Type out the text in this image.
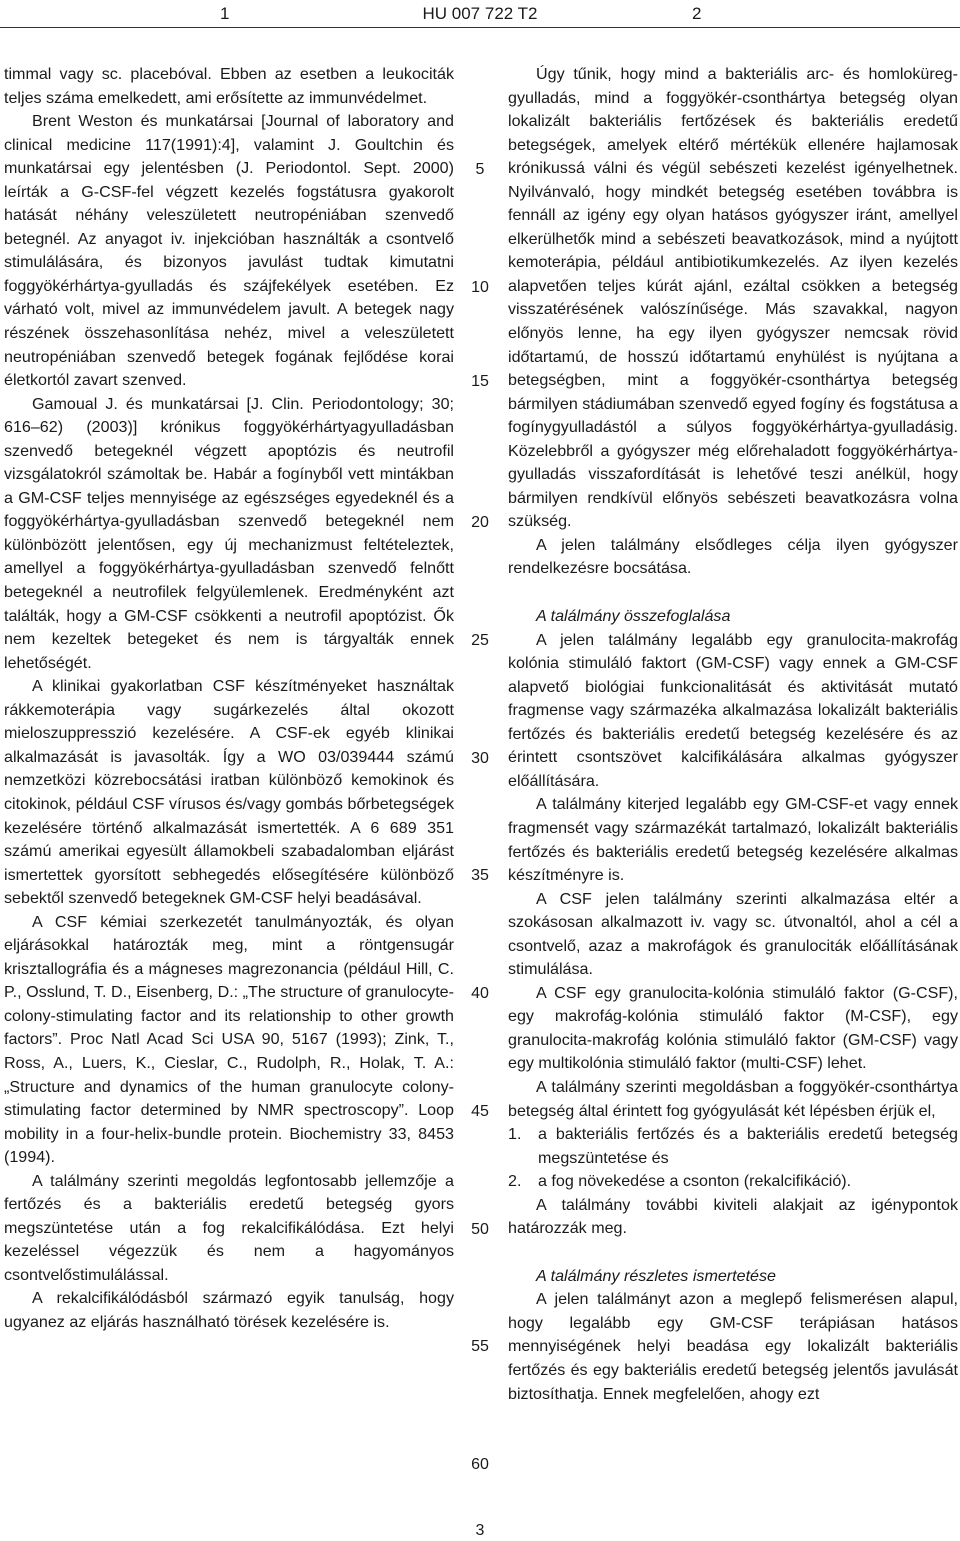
1	HU 007 722 T2	2

timmal vagy sc. placebóval. Ebben az esetben a leukociták teljes száma emelkedett, ami erősítette az immunvédelmet.

Brent Weston és munkatársai [Journal of laboratory and clinical medicine 117(1991):4], valamint J. Goultchin és munkatársai egy jelentésben (J. Periodontol. Sept. 2000) leírták a G-CSF-fel végzett kezelés fogstátusra gyakorolt hatását néhány veleszületett neutropéniában szenvedő betegnél. Az anyagot iv. injekcióban használták a csontvelő stimulálására, és bizonyos javulást tudtak kimutatni foggyökérhártya-gyulladás és szájfekélyek esetében. Ez várható volt, mivel az immunvédelem javult. A betegek nagy részének összehasonlítása nehéz, mivel a veleszületett neutropéniában szenvedő betegek fogának fejlődése korai életkortól zavart szenved.

Gamoual J. és munkatársai [J. Clin. Periodontology; 30; 616–62) (2003)] krónikus foggyökérhártyagyulladásban szenvedő betegeknél végzett apoptózis és neutrofil vizsgálatokról számoltak be. Habár a fogínyből vett mintákban a GM-CSF teljes mennyisége az egészséges egyedeknél és a foggyökérhártya-gyulladásban szenvedő betegeknél nem különbözött jelentősen, egy új mechanizmust feltételeztek, amellyel a foggyökérhártya-gyulladásban szenvedő felnőtt betegeknél a neutrofilek felgyülemlenek. Eredményként azt találták, hogy a GM-CSF csökkenti a neutrofil apoptózist. Ők nem kezeltek betegeket és nem is tárgyalták ennek lehetőségét.

A klinikai gyakorlatban CSF készítményeket használtak rákkemoterápia vagy sugárkezelés által okozott mieloszuppresszió kezelésére. A CSF-ek egyéb klinikai alkalmazását is javasolták. Így a WO 03/039444 számú nemzetközi közrebocsátási iratban különböző kemokinok és citokinok, például CSF vírusos és/vagy gombás bőrbetegségek kezelésére történő alkalmazását ismertették. A 6 689 351 számú amerikai egyesült államokbeli szabadalomban eljárást ismertettek gyorsított sebhegedés elősegítésére különböző sebektől szenvedő betegeknek GM-CSF helyi beadásával.

A CSF kémiai szerkezetét tanulmányozták, és olyan eljárásokkal határozták meg, mint a röntgensugár krisztallográfia és a mágneses magrezonancia (például Hill, C. P., Osslund, T. D., Eisenberg, D.: „The structure of granulocyte-colony-stimulating factor and its relationship to other growth factors”. Proc Natl Acad Sci USA 90, 5167 (1993); Zink, T., Ross, A., Luers, K., Cieslar, C., Rudolph, R., Holak, T. A.: „Structure and dynamics of the human granulocyte colony-stimulating factor determined by NMR spectroscopy”. Loop mobility in a four-helix-bundle protein. Biochemistry 33, 8453 (1994).

A találmány szerinti megoldás legfontosabb jellemzője a fertőzés és a bakteriális eredetű betegség gyors megszüntetése után a fog rekalcifikálódása. Ezt helyi kezeléssel végezzük és nem a hagyományos csontvelőstimulálással.

A rekalcifikálódásból származó egyik tanulság, hogy ugyanez az eljárás használható törések kezelésére is.

5
10
15
20
25
30
35
40
45
50
55
60

Úgy tűnik, hogy mind a bakteriális arc- és homloküreg-gyulladás, mind a foggyökér-csonthártya betegség olyan lokalizált bakteriális fertőzések és bakteriális eredetű betegségek, amelyek eltérő mértékük ellenére hajlamosak krónikussá válni és végül sebészeti kezelést igényelhetnek. Nyilvánvaló, hogy mindkét betegség esetében továbbra is fennáll az igény egy olyan hatásos gyógyszer iránt, amellyel elkerülhetők mind a sebészeti beavatkozások, mind a nyújtott kemoterápia, például antibiotikumkezelés. Az ilyen kezelés alapvetően teljes kúrát ajánl, ezáltal csökken a betegség visszatérésének valószínűsége. Más szavakkal, nagyon előnyös lenne, ha egy ilyen gyógyszer nemcsak rövid időtartamú, de hosszú időtartamú enyhülést is nyújtana a betegségben, mint a foggyökér-csonthártya betegség bármilyen stádiumában szenvedő egyed fogíny és fogstátusa a fogínygyulladástól a súlyos foggyökérhártya-gyulladásig. Közelebbről a gyógyszer még előrehaladott foggyökérhártya-gyulladás visszafordítását is lehetővé teszi anélkül, hogy bármilyen rendkívül előnyös sebészeti beavatkozásra volna szükség.

A jelen találmány elsődleges célja ilyen gyógyszer rendelkezésre bocsátása.

A találmány összefoglalása

A jelen találmány legalább egy granulocita-makrofág kolónia stimuláló faktort (GM-CSF) vagy ennek a GM-CSF alapvető biológiai funkcionalitását és aktivitását mutató fragmense vagy származéka alkalmazása lokalizált bakteriális fertőzés és bakteriális eredetű betegség kezelésére és az érintett csontszövet kalcifikálására alkalmas gyógyszer előállítására.

A találmány kiterjed legalább egy GM-CSF-et vagy ennek fragmensét vagy származékát tartalmazó, lokalizált bakteriális fertőzés és bakteriális eredetű betegség kezelésére alkalmas készítményre is.

A CSF jelen találmány szerinti alkalmazása eltér a szokásosan alkalmazott iv. vagy sc. útvonaltól, ahol a cél a csontvelő, azaz a makrofágok és granulociták előállításának stimulálása.

A CSF egy granulocita-kolónia stimuláló faktor (G-CSF), egy makrofág-kolónia stimuláló faktor (M-CSF), egy granulocita-makrofág kolónia stimuláló faktor (GM-CSF) vagy egy multikolónia stimuláló faktor (multi-CSF) lehet.

A találmány szerinti megoldásban a foggyökér-csonthártya betegség által érintett fog gyógyulását két lépésben érjük el,

1.	a bakteriális fertőzés és a bakteriális eredetű betegség megszüntetése és
2.	a fog növekedése a csonton (rekalcifikáció).

A találmány további kiviteli alakjait az igénypontok határozzák meg.

A találmány részletes ismertetése

A jelen találmányt azon a meglepő felismerésen alapul, hogy legalább egy GM-CSF terápiásan hatásos mennyiségének helyi beadása egy lokalizált bakteriális fertőzés és egy bakteriális eredetű betegség jelentős javulását biztosíthatja. Ennek megfelelően, ahogy ezt

3
